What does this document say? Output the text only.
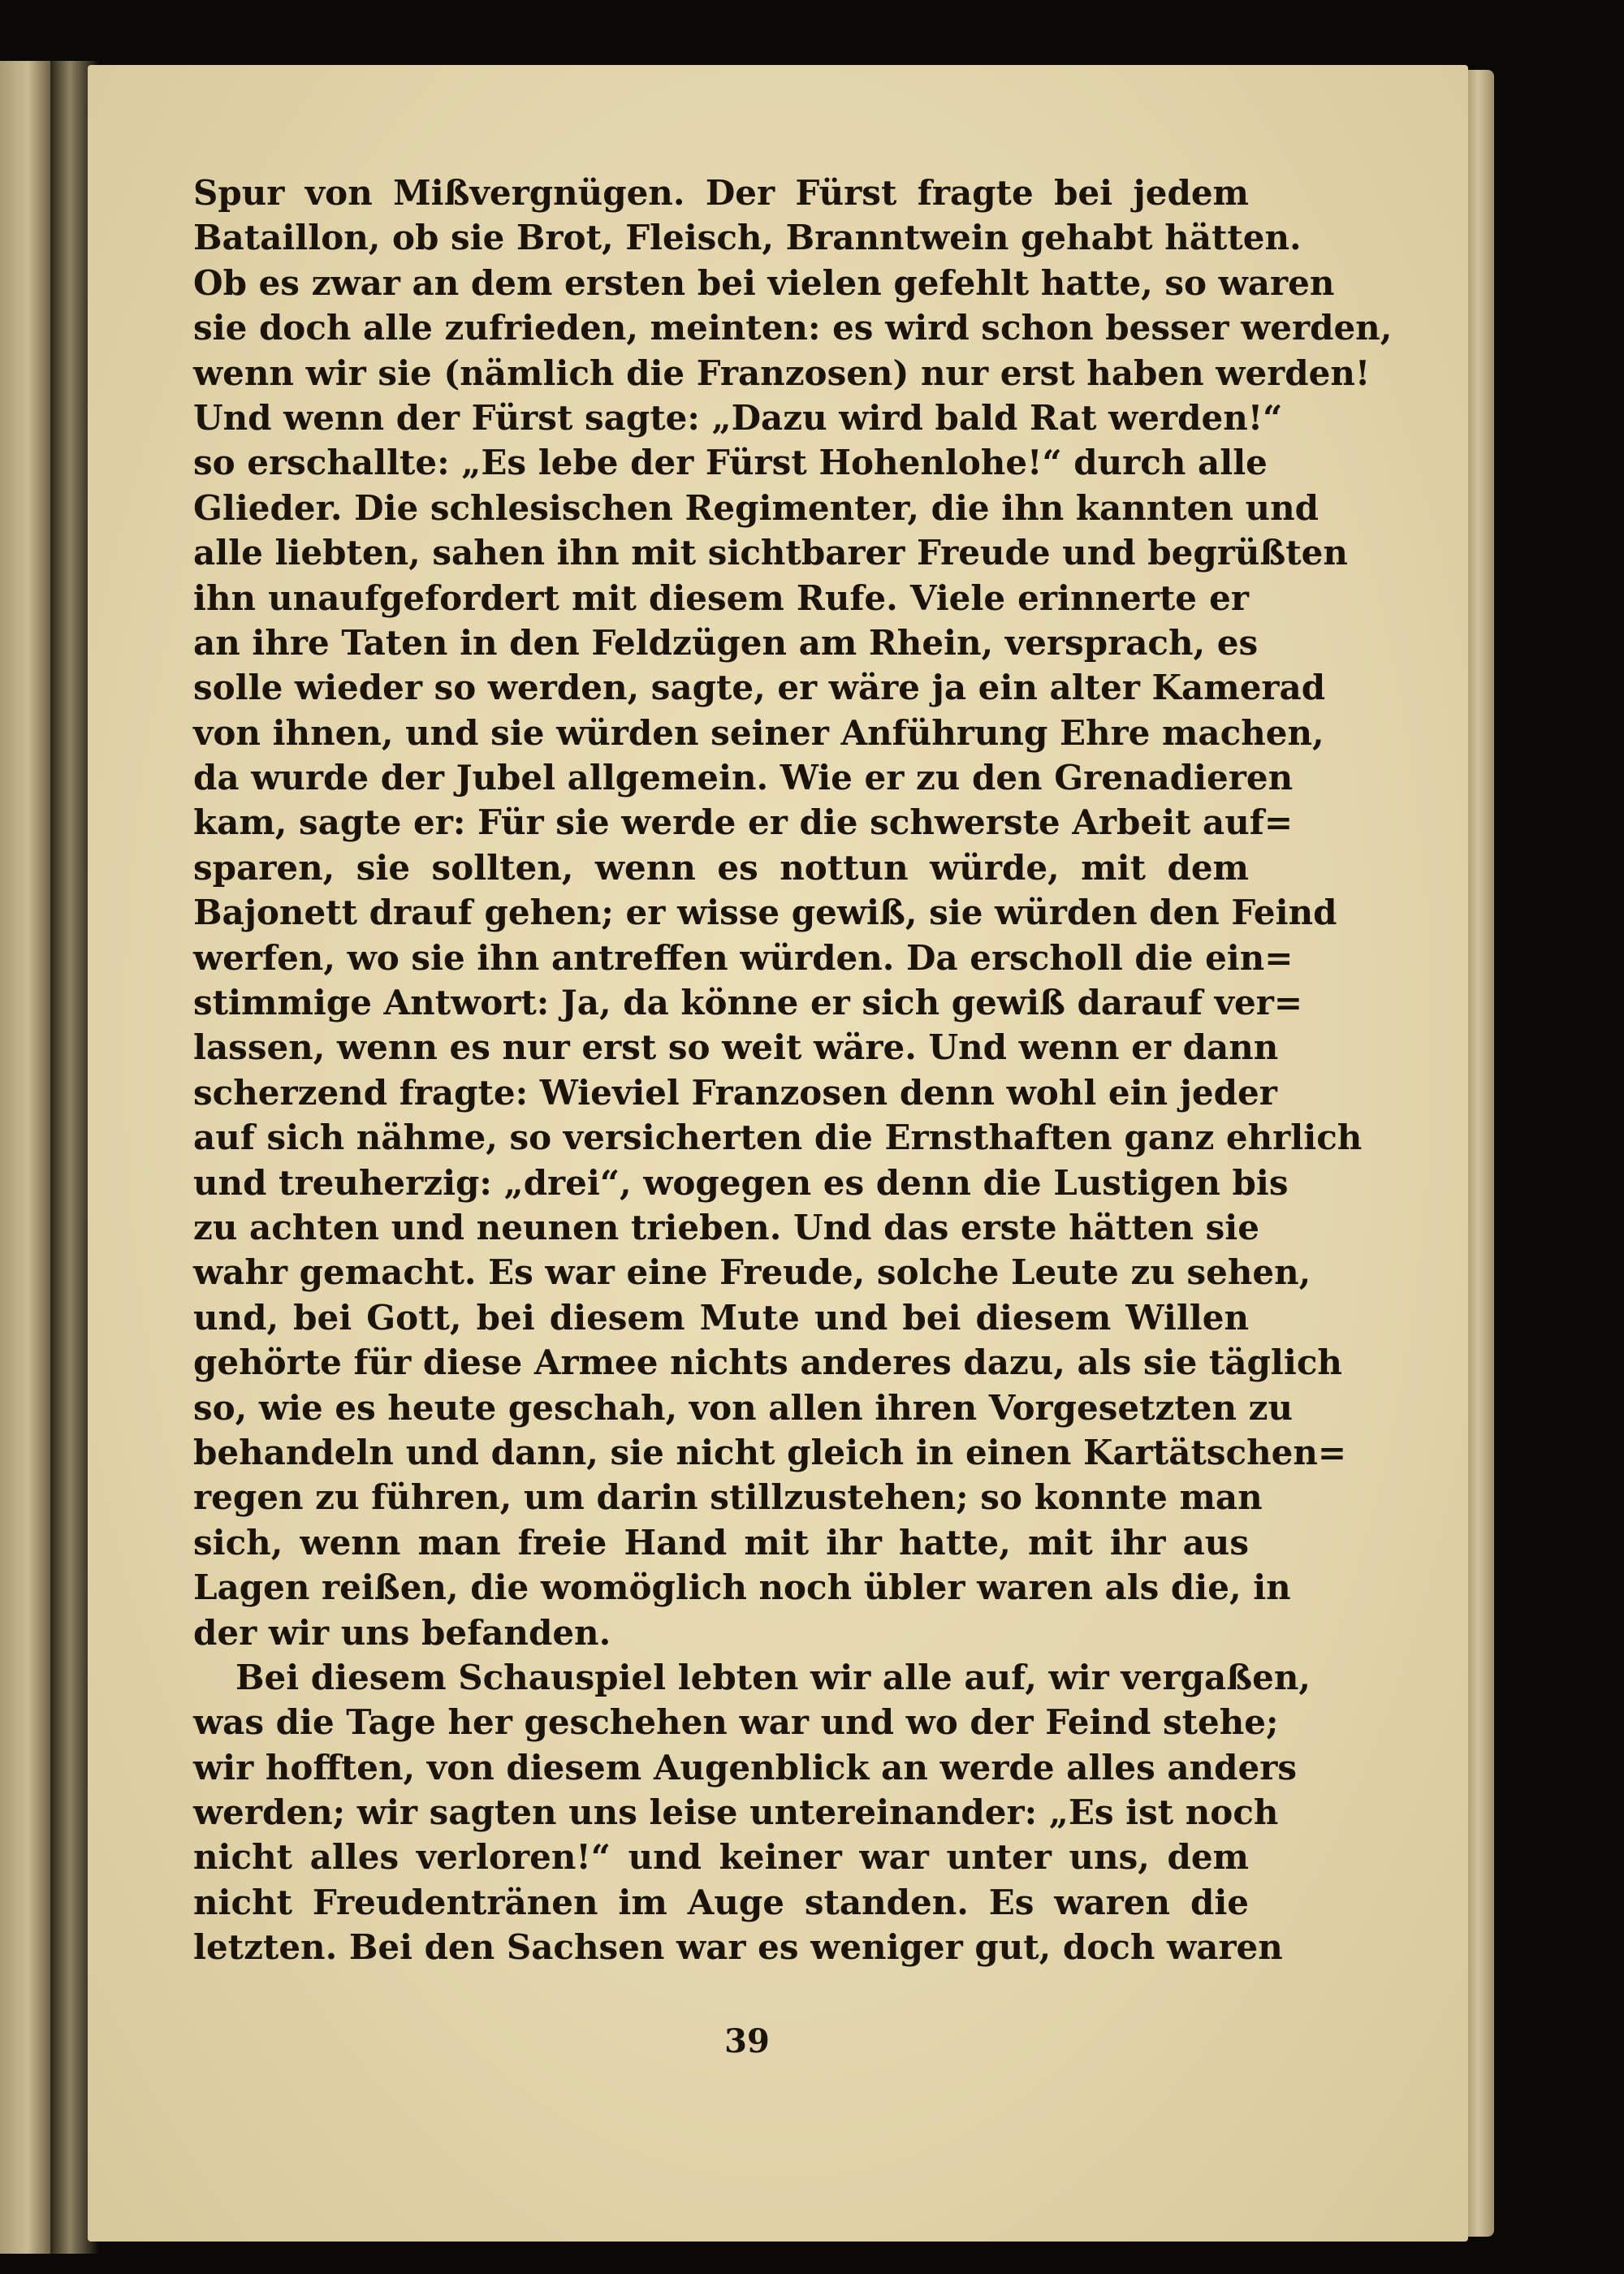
Spur von Mißvergnügen. Der Fürst fragte bei jedem
Bataillon, ob sie Brot, Fleisch, Branntwein gehabt hätten.
Ob es zwar an dem ersten bei vielen gefehlt hatte, so waren
sie doch alle zufrieden, meinten: es wird schon besser werden,
wenn wir sie (nämlich die Franzosen) nur erst haben werden!
Und wenn der Fürst sagte: „Dazu wird bald Rat werden!“
so erschallte: „Es lebe der Fürst Hohenlohe!“ durch alle
Glieder. Die schlesischen Regimenter, die ihn kannten und
alle liebten, sahen ihn mit sichtbarer Freude und begrüßten
ihn unaufgefordert mit diesem Rufe. Viele erinnerte er
an ihre Taten in den Feldzügen am Rhein, versprach, es
solle wieder so werden, sagte, er wäre ja ein alter Kamerad
von ihnen, und sie würden seiner Anführung Ehre machen,
da wurde der Jubel allgemein. Wie er zu den Grenadieren
kam, sagte er: Für sie werde er die schwerste Arbeit auf=
sparen, sie sollten, wenn es nottun würde, mit dem
Bajonett drauf gehen; er wisse gewiß, sie würden den Feind
werfen, wo sie ihn antreffen würden. Da erscholl die ein=
stimmige Antwort: Ja, da könne er sich gewiß darauf ver=
lassen, wenn es nur erst so weit wäre. Und wenn er dann
scherzend fragte: Wieviel Franzosen denn wohl ein jeder
auf sich nähme, so versicherten die Ernsthaften ganz ehrlich
und treuherzig: „drei“, wogegen es denn die Lustigen bis
zu achten und neunen trieben. Und das erste hätten sie
wahr gemacht. Es war eine Freude, solche Leute zu sehen,
und, bei Gott, bei diesem Mute und bei diesem Willen
gehörte für diese Armee nichts anderes dazu, als sie täglich
so, wie es heute geschah, von allen ihren Vorgesetzten zu
behandeln und dann, sie nicht gleich in einen Kartätschen=
regen zu führen, um darin stillzustehen; so konnte man
sich, wenn man freie Hand mit ihr hatte, mit ihr aus
Lagen reißen, die womöglich noch übler waren als die, in
der wir uns befanden.
Bei diesem Schauspiel lebten wir alle auf, wir vergaßen,
was die Tage her geschehen war und wo der Feind stehe;
wir hofften, von diesem Augenblick an werde alles anders
werden; wir sagten uns leise untereinander: „Es ist noch
nicht alles verloren!“ und keiner war unter uns, dem
nicht Freudentränen im Auge standen. Es waren die
letzten. Bei den Sachsen war es weniger gut, doch waren
39
